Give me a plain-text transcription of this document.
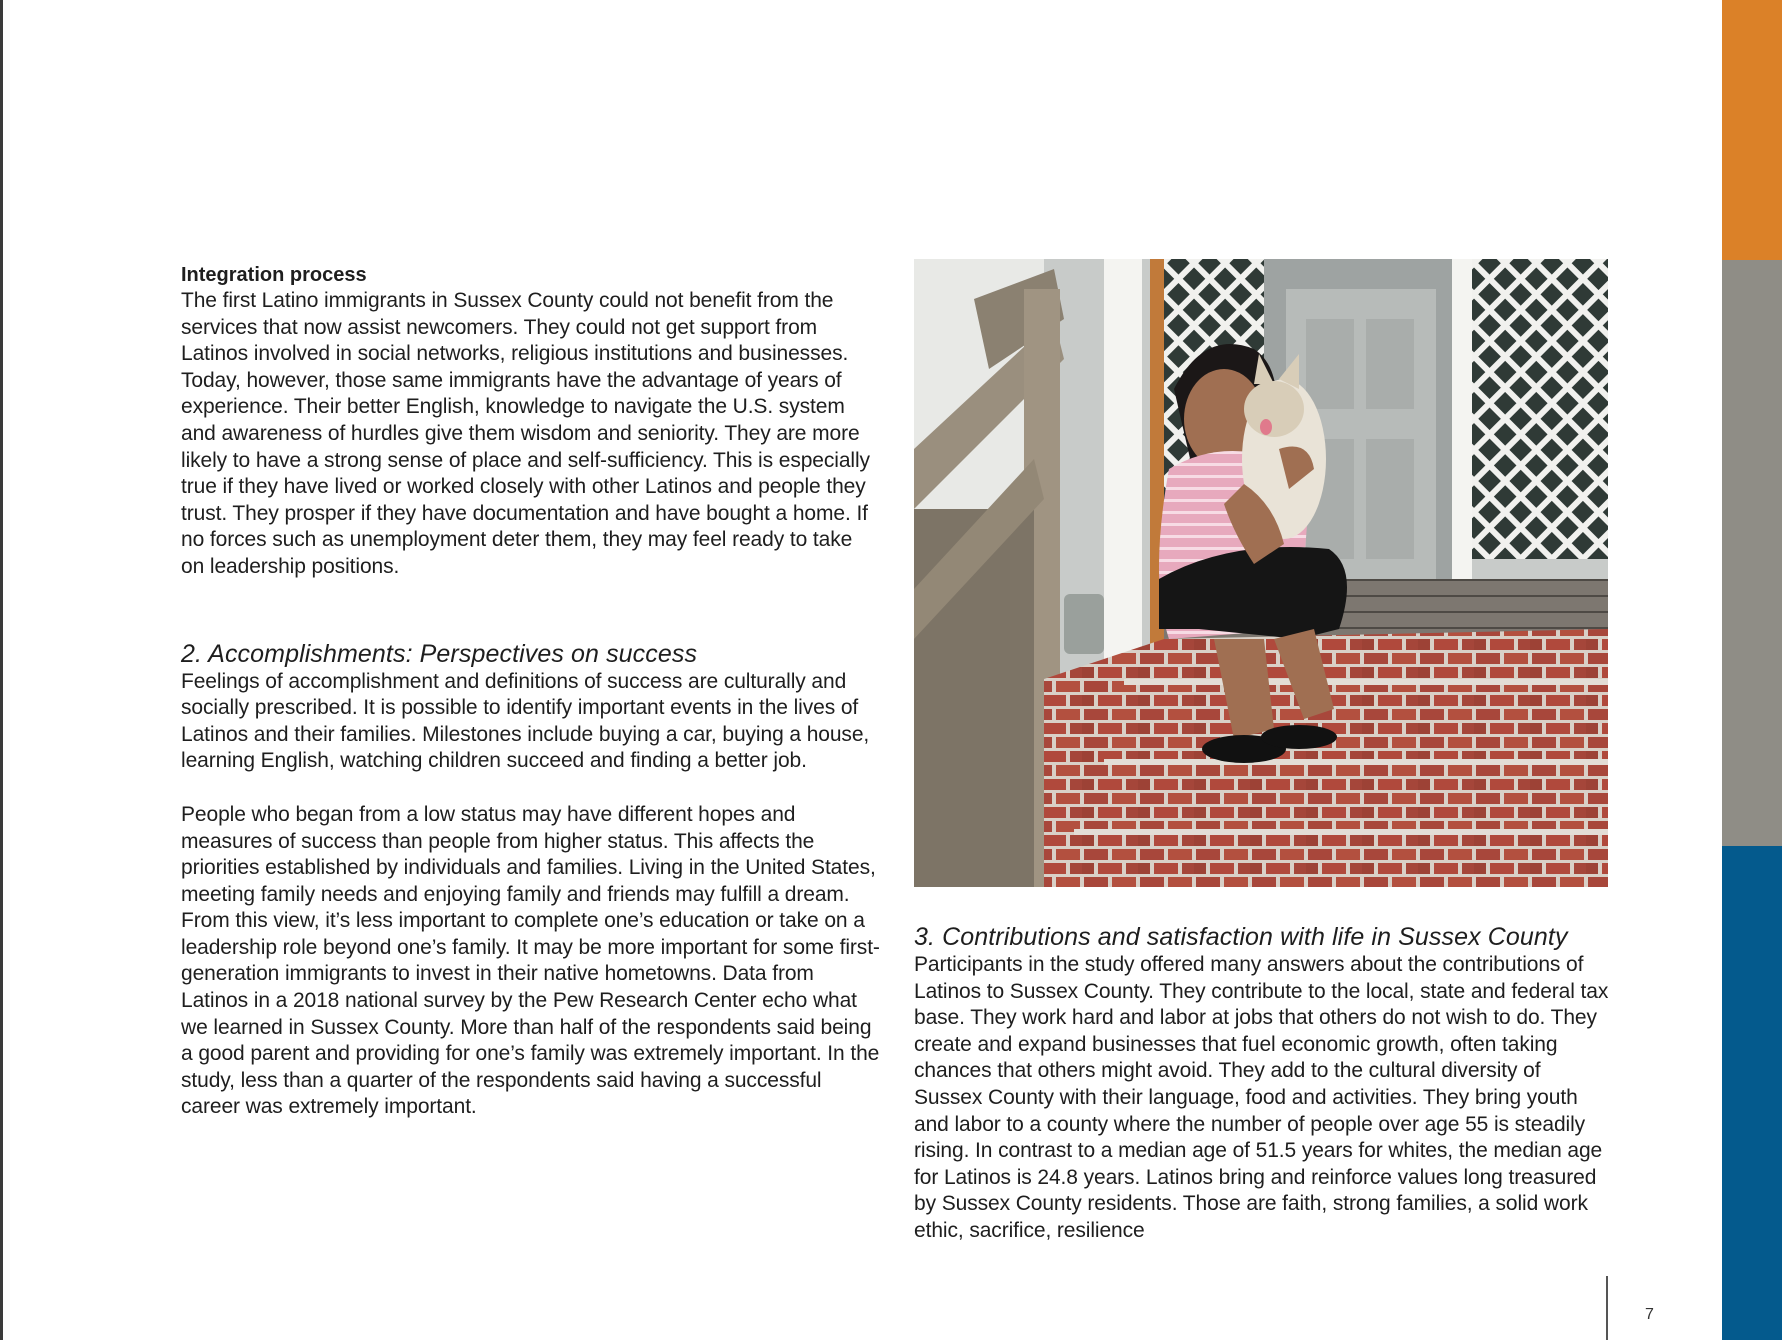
Integration process

The first Latino immigrants in Sussex County could not benefit from the services that now assist newcomers. They could not get support from Latinos involved in social networks, religious institutions and businesses. Today, however, those same immigrants have the advantage of years of experience. Their better English, knowledge to navigate the U.S. system and awareness of hurdles give them wisdom and seniority. They are more likely to have a strong sense of place and self-sufficiency. This is especially true if they have lived or worked closely with other Latinos and people they trust. They prosper if they have documentation and have bought a home. If no forces such as unemployment deter them, they may feel ready to take on leadership positions.

2. Accomplishments: Perspectives on success

Feelings of accomplishment and definitions of success are culturally and socially prescribed. It is possible to identify important events in the lives of Latinos and their families. Milestones include buying a car, buying a house, learning English, watching children succeed and finding a better job.

People who began from a low status may have different hopes and measures of success than people from higher status. This affects the priorities established by individuals and families. Living in the United States, meeting family needs and enjoying family and friends may fulfill a dream. From this view, it’s less important to complete one’s education or take on a leadership role beyond one’s family. It may be more important for some first-generation immigrants to invest in their native hometowns. Data from Latinos in a 2018 national survey by the Pew Research Center echo what we learned in Sussex County. More than half of the respondents said being a good parent and providing for one’s family was extremely important. In the study, less than a quarter of the respondents said having a successful career was extremely important.

3. Contributions and satisfaction with life in Sussex County

Participants in the study offered many answers about the contributions of Latinos to Sussex County. They contribute to the local, state and federal tax base. They work hard and labor at jobs that others do not wish to do. They create and expand businesses that fuel economic growth, often taking chances that others might avoid. They add to the cultural diversity of Sussex County with their language, food and activities. They bring youth and labor to a county where the number of people over age 55 is steadily rising. In contrast to a median age of 51.5 years for whites, the median age for Latinos is 24.8 years. Latinos bring and reinforce values long treasured by Sussex County residents. Those are faith, strong families, a solid work ethic, sacrifice, resilience

7
